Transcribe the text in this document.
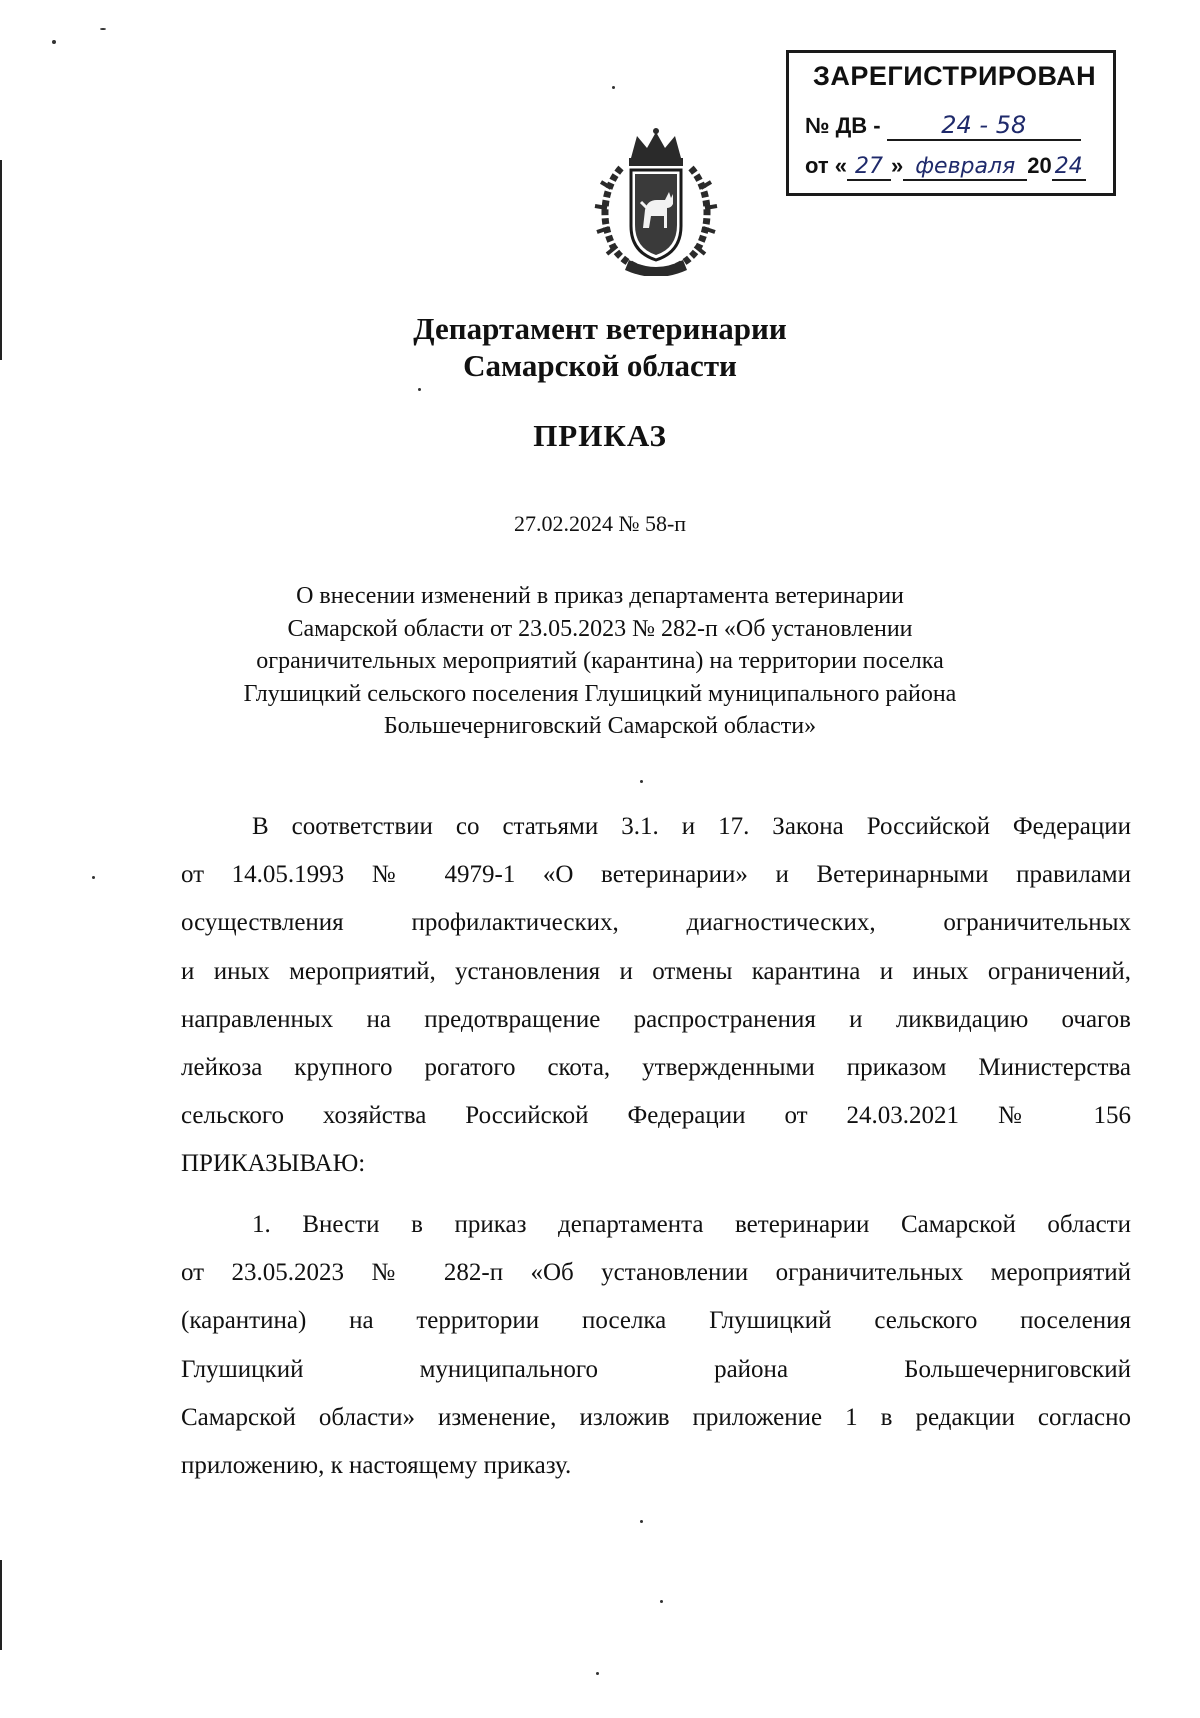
ЗАРЕГИСТРИРОВАН
№ ДВ -	24 - 58
от « 27 » февраля 20 24
Департамент ветеринарии
Самарской области
ПРИКАЗ
27.02.2024 № 58-п
О внесении изменений в приказ департамента ветеринарии
Самарской области от 23.05.2023 № 282-п «Об установлении
ограничительных мероприятий (карантина) на территории поселка
Глушицкий сельского поселения Глушицкий муниципального района
Большечерниговский Самарской области»
В соответствии со статьями 3.1. и 17. Закона Российской Федерации
от 14.05.1993 № 4979-1 «О ветеринарии» и Ветеринарными правилами
осуществления профилактических, диагностических, ограничительных
и иных мероприятий, установления и отмены карантина и иных ограничений,
направленных на предотвращение распространения и ликвидацию очагов
лейкоза крупного рогатого скота, утвержденными приказом Министерства
сельского хозяйства Российской Федерации от 24.03.2021 № 156
ПРИКАЗЫВАЮ:
1. Внести в приказ департамента ветеринарии Самарской области
от 23.05.2023 № 282-п «Об установлении ограничительных мероприятий
(карантина) на территории поселка Глушицкий сельского поселения
Глушицкий муниципального района Большечерниговский
Самарской области» изменение, изложив приложение 1 в редакции согласно
приложению, к настоящему приказу.
